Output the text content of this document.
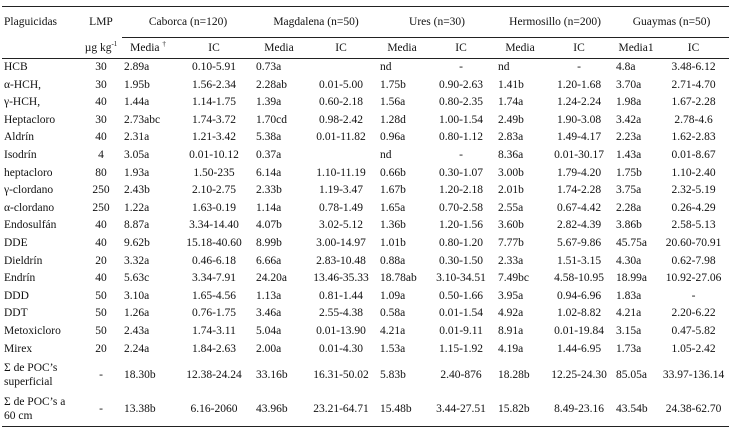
Plaguicidas	LMP	Caborca (n=120)		Magdalena (n=50)		Ures (n=30)		Hermosillo (n=200)		Guaymas (n=50)	
	µg $kg^{-1}$	Media †	IC	Media	IC	Media	IC	Media	IC	Media1	IC
HCB	30	2.89a	0.10-5.91	0.73a		nd	-	nd	-	4.8a	3.48-6.12
α-HCH,	30	1.95b	1.56-2.34	2.28ab	0.01-5.00	1.75b	0.90-2.63	1.41b	1.20-1.68	3.70a	2.71-4.70
γ-HCH,	40	1.44a	1.14-1.75	1.39a	0.60-2.18	1.56a	0.80-2.35	1.74a	1.24-2.24	1.98a	1.67-2.28
Heptacloro	30	2.73abc	1.74-3.72	1.70cd	0.98-2.42	1.28d	1.00-1.54	2.49b	1.90-3.08	3.42a	2.78-4.6
Aldrín	40	2.31a	1.21-3.42	5.38a	0.01-11.82	0.96a	0.80-1.12	2.83a	1.49-4.17	2.23a	1.62-2.83
Isodrín	4	3.05a	0.01-10.12	0.37a		nd	-	8.36a	0.01-30.17	1.43a	0.01-8.67
heptacloro	80	1.93a	1.50-235	6.14a	1.10-11.19	0.66b	0.30-1.07	3.00b	1.79-4.20	1.75b	1.10-2.40
γ-clordano	250	2.43b	2.10-2.75	2.33b	1.19-3.47	1.67b	1.20-2.18	2.01b	1.74-2.28	3.75a	2.32-5.19
α-clordano	250	1.22a	1.63-0.19	1.14a	0.78-1.49	1.65a	0.70-2.58	2.55a	0.67-4.42	2.28a	0.26-4.29
Endosulfán	40	8.87a	3.34-14.40	4.07b	3.02-5.12	1.36b	1.20-1.56	3.60b	2.82-4.39	3.86b	2.58-5.13
DDE	40	9.62b	15.18-40.60	8.99b	3.00-14.97	1.01b	0.80-1.20	7.77b	5.67-9.86	45.75a	20.60-70.91
Dieldrín	20	3.32a	0.46-6.18	6.66a	2.83-10.48	0.88a	0.30-1.50	2.33a	1.51-3.15	4.30a	0.62-7.98
Endrín	40	5.63c	3.34-7.91	24.20a	13.46-35.33	18.78ab	3.10-34.51	7.49bc	4.58-10.95	18.99a	10.92-27.06
DDD	50	3.10a	1.65-4.56	1.13a	0.81-1.44	1.09a	0.50-1.66	3.95a	0.94-6.96	1.83a	-
DDT	50	1.26a	0.76-1.75	3.46a	2.55-4.38	0.58a	0.01-1.54	4.92a	1.02-8.82	4.21a	2.20-6.22
Metoxicloro	50	2.43a	1.74-3.11	5.04a	0.01-13.90	4.21a	0.01-9.11	8.91a	0.01-19.84	3.15a	0.47-5.82
Mirex	20	2.24a	1.84-2.63	2.00a	0.01-4.30	1.53a	1.15-1.92	4.19a	1.44-6.95	1.73a	1.05-2.42

Σ de POC’s
superficial	-	18.30b	12.38-24.24	33.16b	16.31-50.02	5.83b	2.40-876	18.28b	12.25-24.30	85.05a	33.97-136.14

Σ de POC’s a
60 cm	-	13.38b	6.16-2060	43.96b	23.21-64.71	15.48b	3.44-27.51	15.82b	8.49-23.16	43.54b	24.38-62.70
